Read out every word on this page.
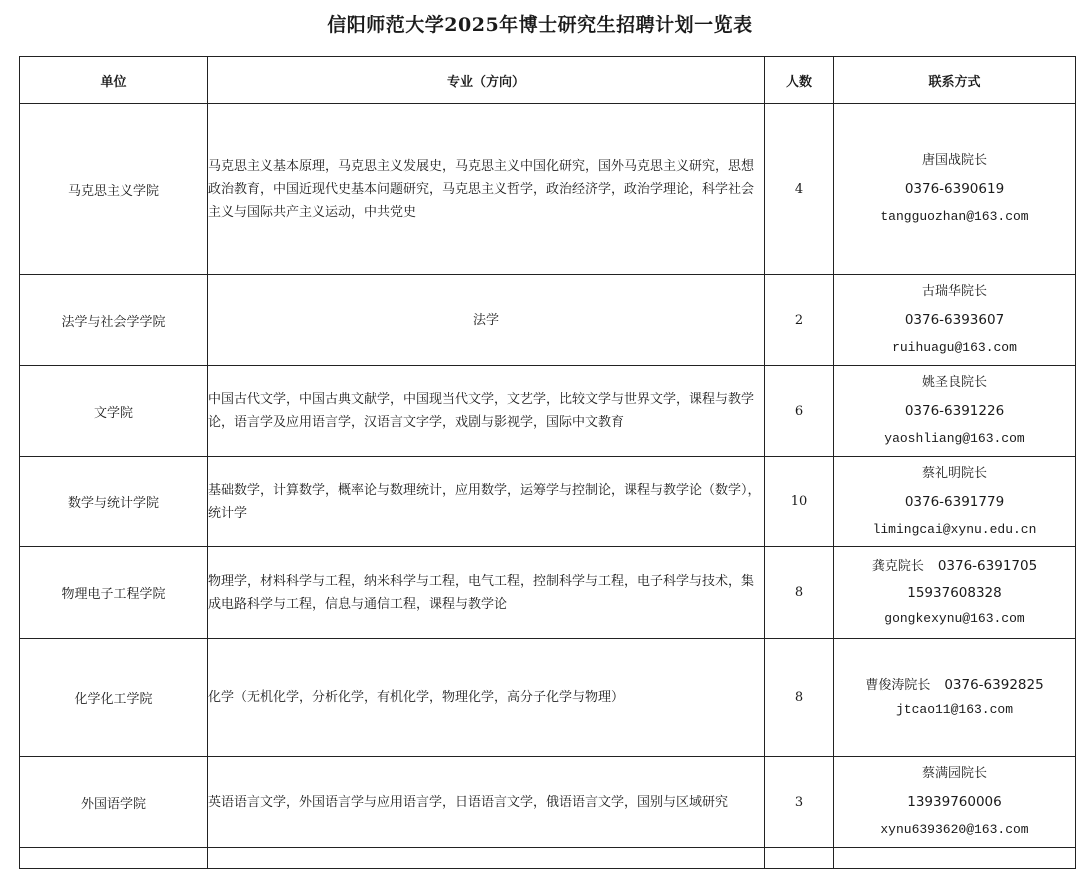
信阳师范大学2025年博士研究生招聘计划一览表
单位	专业（方向）	人数	联系方式
马克思主义学院	马克思主义基本原理，马克思主义发展史，马克思主义中国化研究，国外马克思主义研究，思想政治教育，中国近现代史基本问题研究，马克思主义哲学，政治经济学，政治学理论，科学社会主义与国际共产主义运动，中共党史	4	唐国战院长
0376-6390619
tangguozhan@163.com

法学与社会学学院	法学	2	古瑞华院长
0376-6393607
ruihuagu@163.com

文学院	中国古代文学，中国古典文献学，中国现当代文学，文艺学，比较文学与世界文学，课程与教学论，语言学及应用语言学，汉语言文字学，戏剧与影视学，国际中文教育	6	姚圣良院长
0376-6391226
yaoshliang@163.com

数学与统计学院	基础数学，计算数学，概率论与数理统计，应用数学，运筹学与控制论，课程与教学论（数学），统计学	10	蔡礼明院长
0376-6391779
limingcai@xynu.edu.cn

物理电子工程学院	物理学，材料科学与工程，纳米科学与工程，电气工程，控制科学与工程，电子科学与技术，集成电路科学与工程，信息与通信工程，课程与教学论	8	龚克院长 0376-6391705
15937608328
gongkexynu@163.com

化学化工学院	化学（无机化学，分析化学，有机化学，物理化学，高分子化学与物理）	8	曹俊涛院长 0376-6392825
jtcao11@163.com

外国语学院	英语语言文学，外国语言学与应用语言学，日语语言文学，俄语语言文学，国别与区域研究	3	蔡满园院长
13939760006
xynu6393620@163.com
